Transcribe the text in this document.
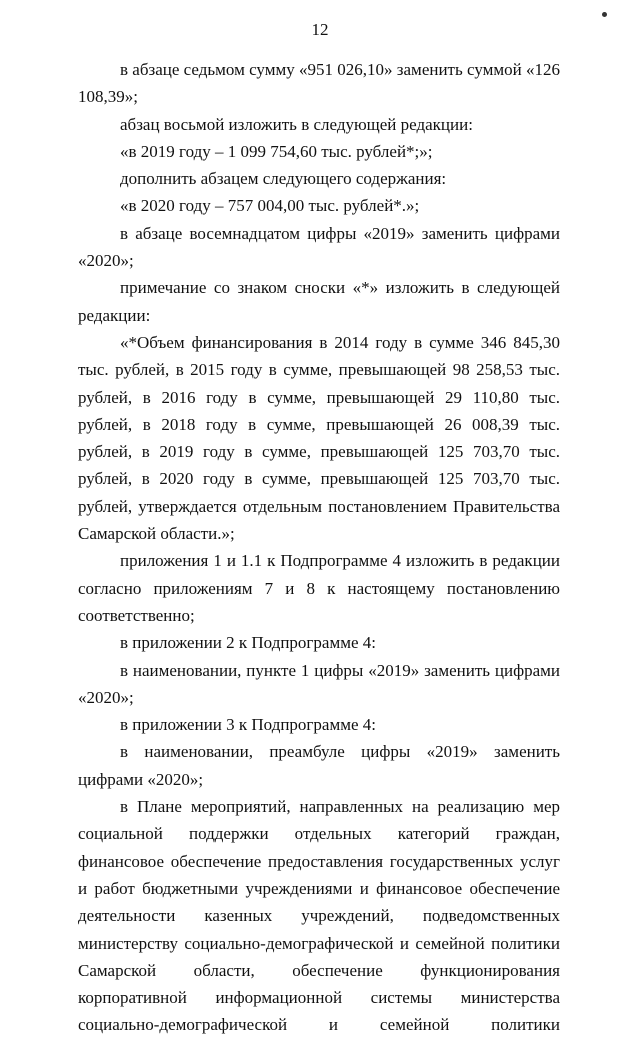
12

в абзаце седьмом сумму «951 026,10» заменить суммой «126 108,39»;

абзац восьмой изложить в следующей редакции:

«в 2019 году – 1 099 754,60 тыс. рублей*;»;

дополнить абзацем следующего содержания:

«в 2020 году – 757 004,00 тыс. рублей*.»;

в абзаце восемнадцатом цифры «2019» заменить цифрами «2020»;

примечание со знаком сноски «*» изложить в следующей редакции:

«*Объем финансирования в 2014 году в сумме 346 845,30 тыс. рублей, в 2015 году в сумме, превышающей 98 258,53 тыс. рублей, в 2016 году в сумме, превышающей 29 110,80 тыс. рублей, в 2018 году в сумме, превышающей 26 008,39 тыс. рублей, в 2019 году в сумме, превышающей 125 703,70 тыс. рублей, в 2020 году в сумме, превышающей 125 703,70 тыс. рублей, утверждается отдельным постановлением Правительства Самарской области.»;

приложения 1 и 1.1 к Подпрограмме 4 изложить в редакции согласно приложениям 7 и 8 к настоящему постановлению соответственно;

в приложении 2 к Подпрограмме 4:

в наименовании, пункте 1 цифры «2019» заменить цифрами «2020»;

в приложении 3 к Подпрограмме 4:

в наименовании, преамбуле цифры «2019» заменить цифрами «2020»;

в Плане мероприятий, направленных на реализацию мер социальной поддержки отдельных категорий граждан, финансовое обеспечение предоставления государственных услуг и работ бюджетными учреждениями и финансовое обеспечение деятельности казенных учреждений, подведомственных министерству социально-демографической и семейной политики Самарской области, обеспечение функционирования корпоративной информационной системы министерства социально-демографической и семейной политики
